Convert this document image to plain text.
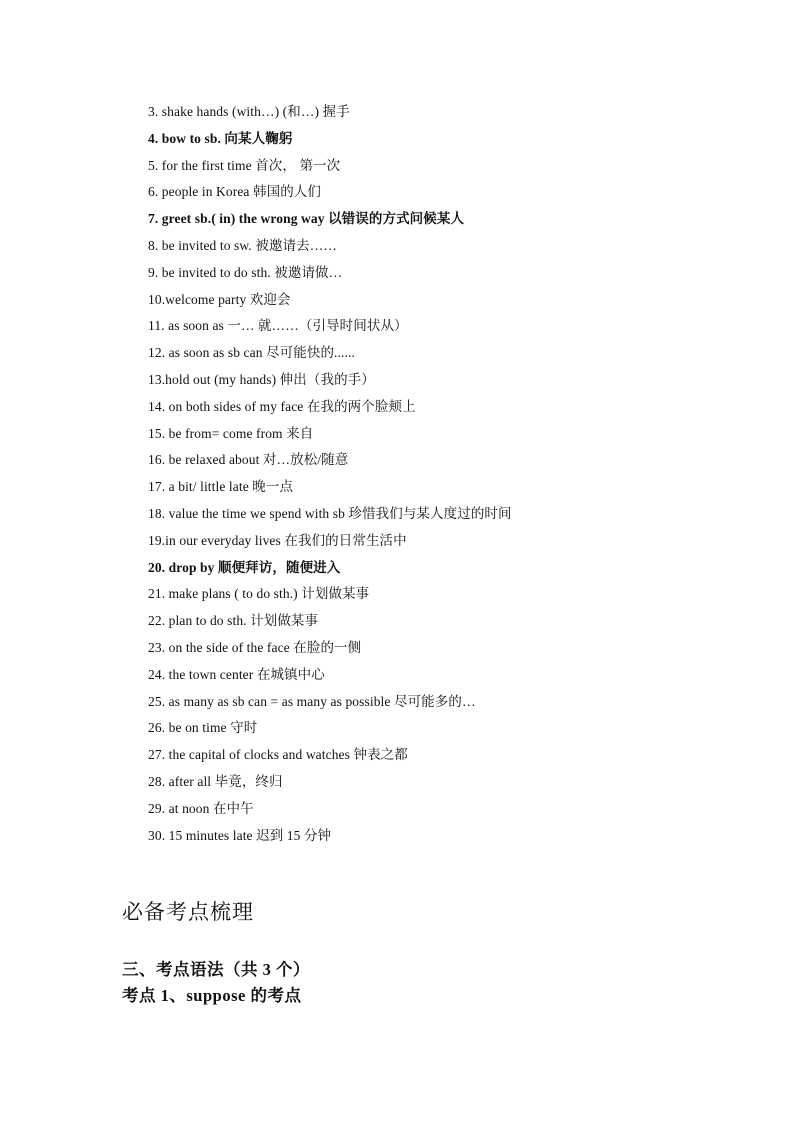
3. shake hands (with…) (和…) 握手
4. bow to sb. 向某人鞠躬
5. for the first time 首次， 第一次
6. people in Korea 韩国的人们
7. greet sb.( in) the wrong way 以错误的方式问候某人
8. be invited to sw. 被邀请去……
9. be invited to do sth. 被邀请做…
10.welcome party 欢迎会
11. as soon as 一… 就……（引导时间状从）
12. as soon as sb can 尽可能快的......
13.hold out (my hands) 伸出（我的手）
14. on both sides of my face 在我的两个脸颊上
15. be from= come from 来自
16. be relaxed about 对…放松/随意
17. a bit/ little late 晚一点
18. value the time we spend with sb 珍惜我们与某人度过的时间
19.in our everyday lives 在我们的日常生活中
20. drop by 顺便拜访，随便进入
21. make plans ( to do sth.) 计划做某事
22. plan to do sth. 计划做某事
23. on the side of the face 在脸的一侧
24. the town center 在城镇中心
25. as many as sb can = as many as possible 尽可能多的…
26. be on time 守时
27. the capital of clocks and watches 钟表之都
28. after all 毕竟，终归
29. at noon 在中午
30. 15 minutes late 迟到 15 分钟
必备考点梳理
三、考点语法（共 3 个）
考点 1、suppose 的考点
